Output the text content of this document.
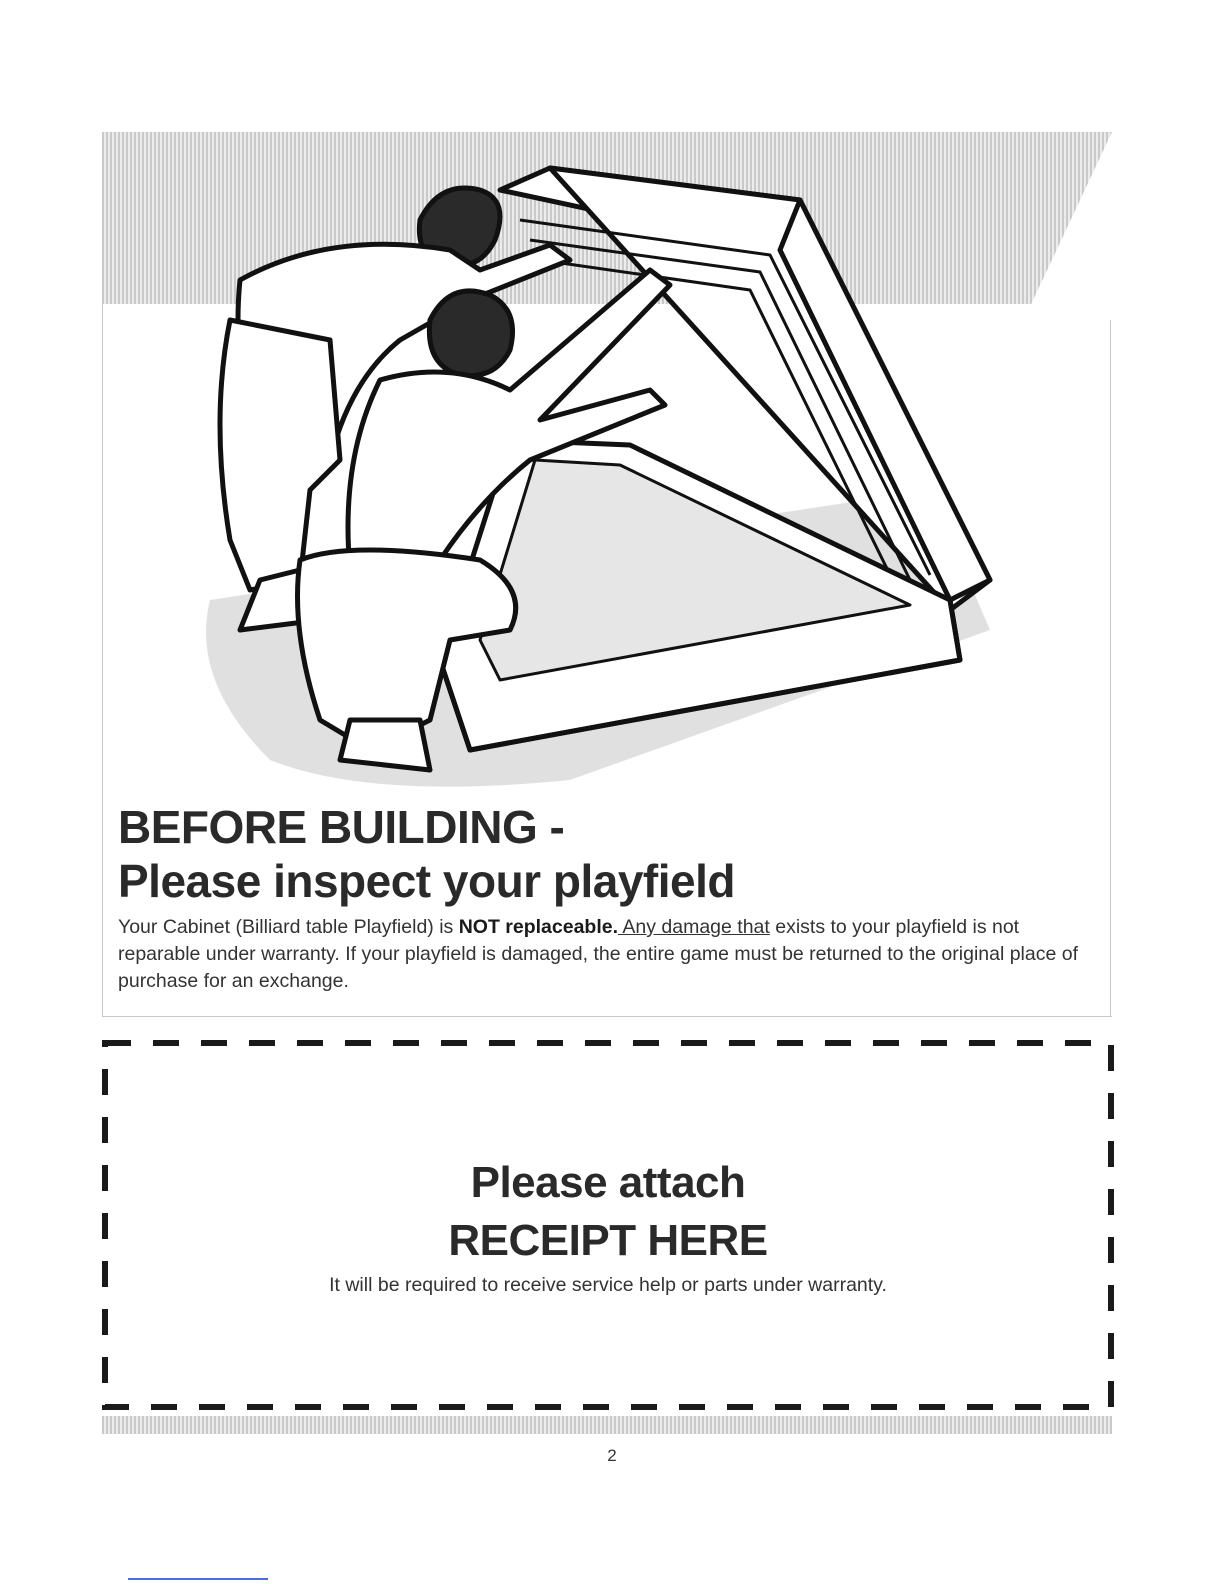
BEFORE BUILDING -
Please inspect your playfield

Your Cabinet (Billiard table Playfield) is NOT replaceable. Any damage that exists to your playfield is not reparable under warranty. If your playfield is damaged, the entire game must be returned to the original place of purchase for an exchange.

Please attach
RECEIPT HERE

It will be required to receive service help or parts under warranty.

2
